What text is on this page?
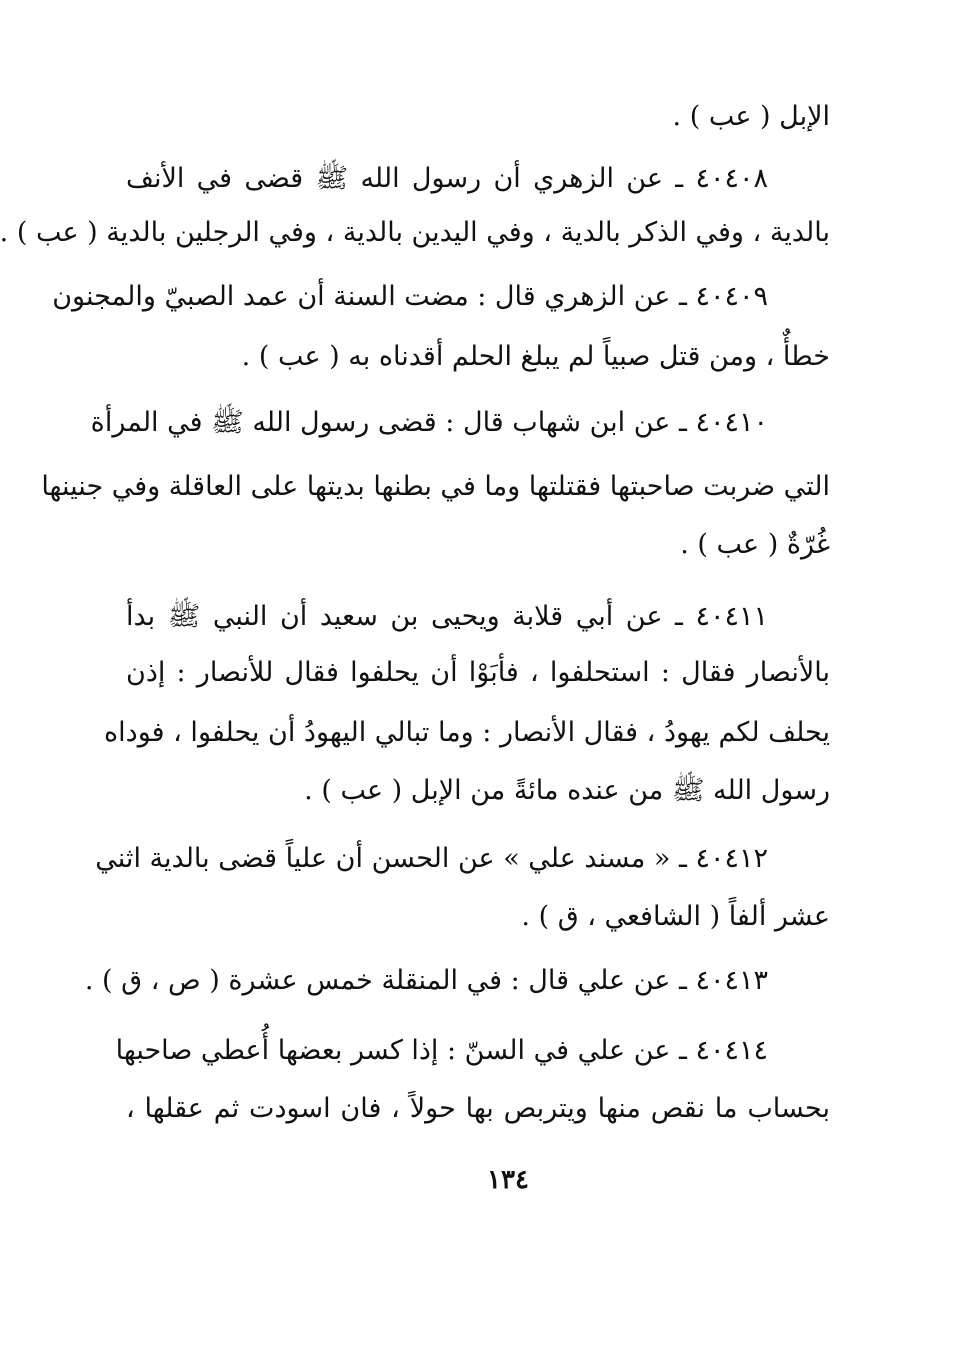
الإبل ( عب ) .
٤٠٤٠٨ ـ عن الزهري أن رسول الله ﷺ قضى في الأنف
بالدية ، وفي الذكر بالدية ، وفي اليدين بالدية ، وفي الرجلين بالدية ( عب ) .
٤٠٤٠٩ ـ عن الزهري قال : مضت السنة أن عمد الصبيّ والمجنون
خطأٌ ، ومن قتل صبياً لم يبلغ الحلم أقدناه به ( عب ) .
٤٠٤١٠ ـ عن ابن شهاب قال : قضى رسول الله ﷺ في المرأة
التي ضربت صاحبتها فقتلتها وما في بطنها بديتها على العاقلة وفي جنينها
غُرّةٌ ( عب ) .
٤٠٤١١ ـ عن أبي قلابة ويحيى بن سعيد أن النبي ﷺ بدأ
بالأنصار فقال : استحلفوا ، فأبَوْا أن يحلفوا فقال للأنصار : إذن
يحلف لكم يهودُ ، فقال الأنصار : وما تبالي اليهودُ أن يحلفوا ، فوداه
رسول الله ﷺ من عنده مائةً من الإبل ( عب ) .
٤٠٤١٢ ـ « مسند علي » عن الحسن أن علياً قضى بالدية اثني
عشر ألفاً ( الشافعي ، ق ) .
٤٠٤١٣ ـ عن علي قال : في المنقلة خمس عشرة ( ص ، ق ) .
٤٠٤١٤ ـ عن علي في السنّ : إذا كسر بعضها أُعطي صاحبها
بحساب ما نقص منها ويتربص بها حولاً ، فان اسودت ثم عقلها ،
١٣٤
